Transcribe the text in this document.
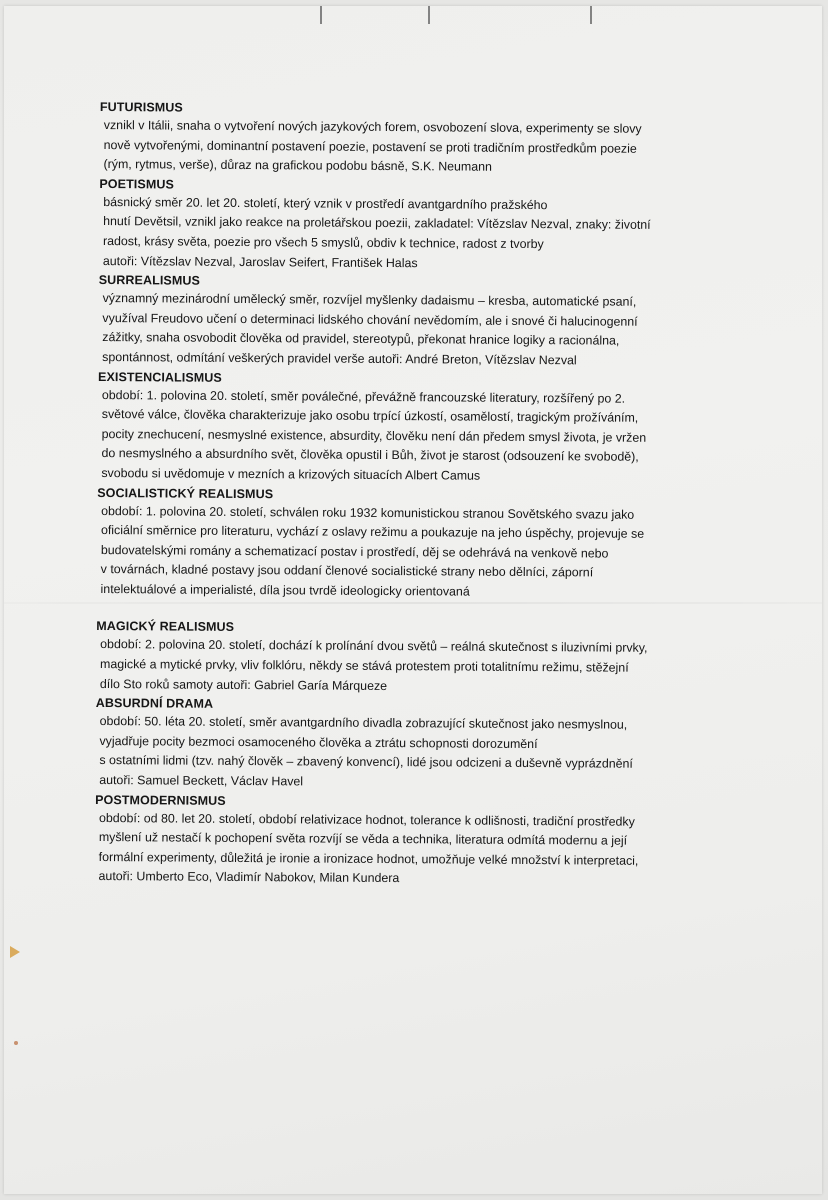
FUTURISMUS
vznikl v Itálii, snaha o vytvoření nových jazykových forem, osvobození slova, experimenty se slovy
nově vytvořenými, dominantní postavení poezie, postavení se proti tradičním prostředkům poezie
(rým, rytmus, verše), důraz na grafickou podobu básně, S.K. Neumann
POETISMUS
básnický směr 20. let 20. století, který vznik v prostředí avantgardního pražského
hnutí Devětsil, vznikl jako reakce na proletářskou poezii, zakladatel: Vítězslav Nezval, znaky: životní
radost, krásy světa, poezie pro všech 5 smyslů, obdiv k technice, radost z tvorby
autoři: Vítězslav Nezval, Jaroslav Seifert, František Halas
SURREALISMUS
významný mezinárodní umělecký směr, rozvíjel myšlenky dadaismu – kresba, automatické psaní,
využíval Freudovo učení o determinaci lidského chování nevědomím, ale i snové či halucinogenní
zážitky, snaha osvobodit člověka od pravidel, stereotypů, překonat hranice logiky a racionálna,
spontánnost, odmítání veškerých pravidel verše autoři: André Breton, Vítězslav Nezval
EXISTENCIALISMUS
období: 1. polovina 20. století, směr poválečné, převážně francouzské literatury, rozšířený po 2.
světové válce, člověka charakterizuje jako osobu trpící úzkostí, osamělostí, tragickým prožíváním,
pocity znechucení, nesmyslné existence, absurdity, člověku není dán předem smysl života, je vržen
do nesmyslného a absurdního svět, člověka opustil i Bůh, život je starost (odsouzení ke svobodě),
svobodu si uvědomuje v mezních a krizových situacích Albert Camus
SOCIALISTICKÝ REALISMUS
období: 1. polovina 20. století, schválen roku 1932 komunistickou stranou Sovětského svazu jako
oficiální směrnice pro literaturu, vychází z oslavy režimu a poukazuje na jeho úspěchy, projevuje se
budovatelskými romány a schematizací postav i prostředí, děj se odehrává na venkově nebo
v továrnách, kladné postavy jsou oddaní členové socialistické strany nebo dělníci, záporní
intelektuálové a imperialisté, díla jsou tvrdě ideologicky orientovaná
MAGICKÝ REALISMUS
období: 2. polovina 20. století, dochází k prolínání dvou světů – reálná skutečnost s iluzivními prvky,
magické a mytické prvky, vliv folklóru, někdy se stává protestem proti totalitnímu režimu, stěžejní
dílo Sto roků samoty autoři: Gabriel Garía Márqueze
ABSURDNÍ DRAMA
období: 50. léta 20. století, směr avantgardního divadla zobrazující skutečnost jako nesmyslnou,
vyjadřuje pocity bezmoci osamoceného člověka a ztrátu schopnosti dorozumění
s ostatními lidmi (tzv. nahý člověk – zbavený konvencí), lidé jsou odcizeni a duševně vyprázdnění
autoři: Samuel Beckett, Václav Havel
POSTMODERNISMUS
období: od 80. let 20. století, období relativizace hodnot, tolerance k odlišnosti, tradiční prostředky
myšlení už nestačí k pochopení světa rozvíjí se věda a technika, literatura odmítá modernu a její
formální experimenty, důležitá je ironie a ironizace hodnot, umožňuje velké množství k interpretaci,
autoři: Umberto Eco, Vladimír Nabokov, Milan Kundera
